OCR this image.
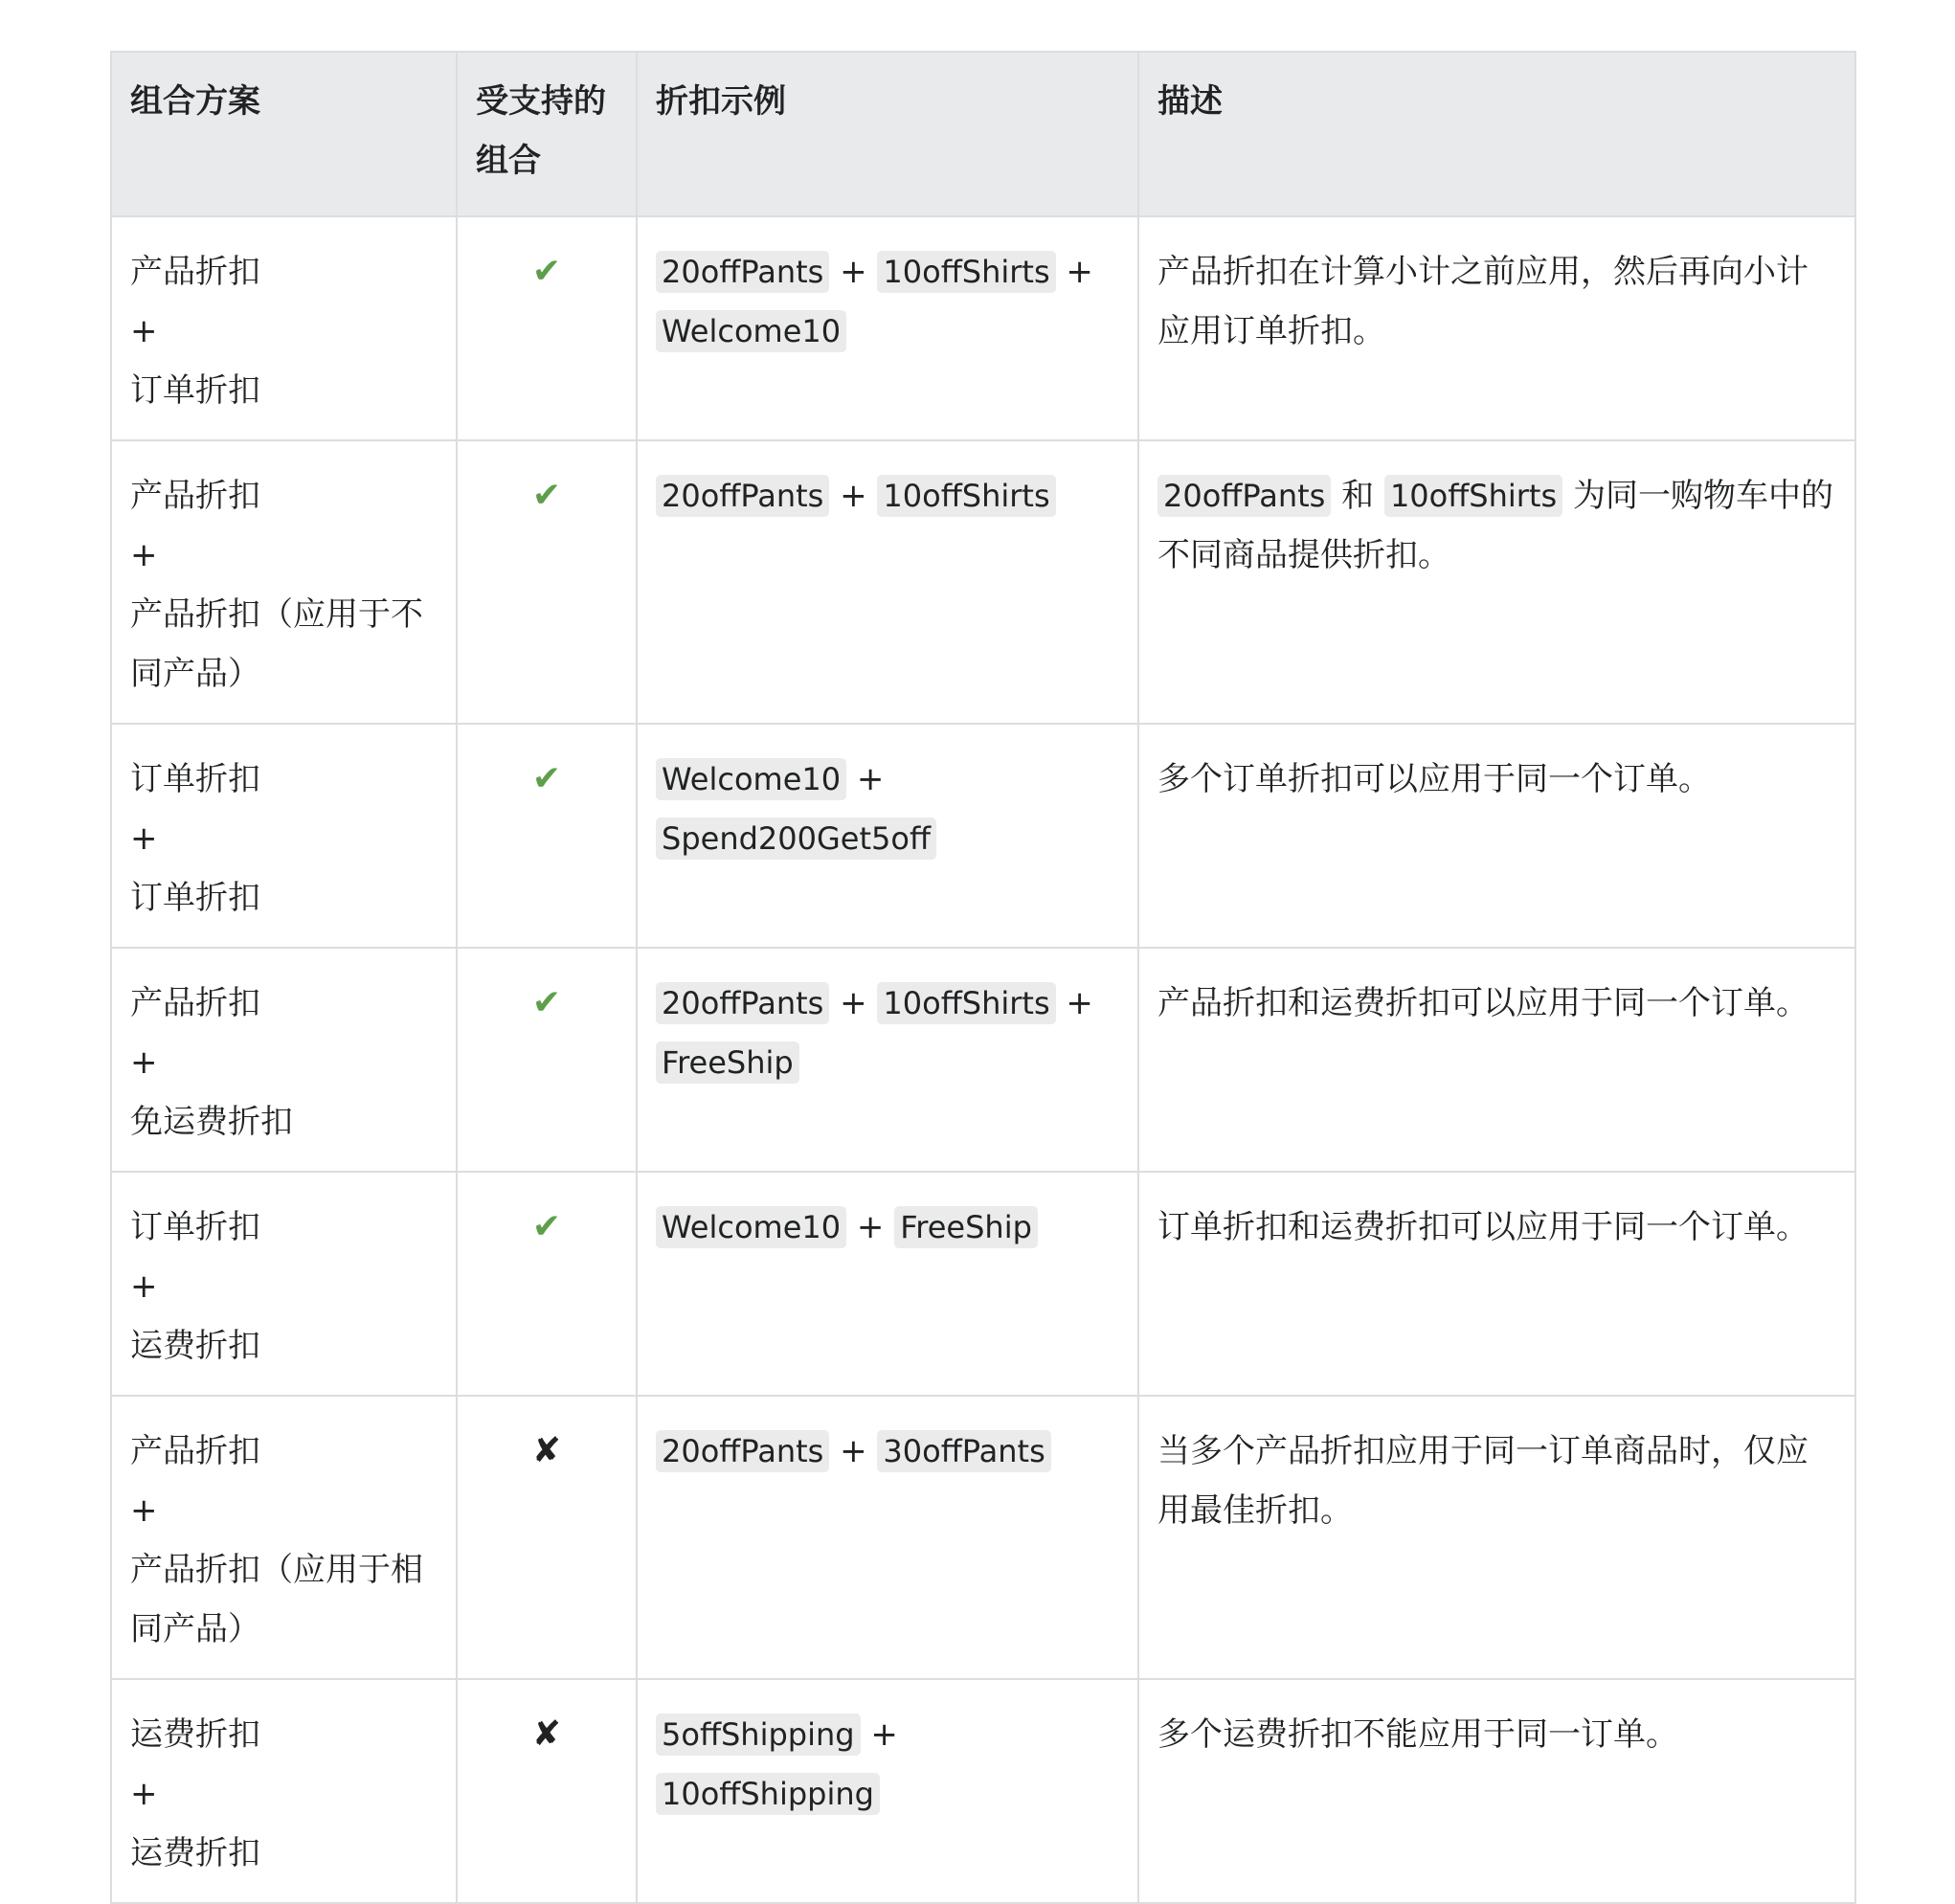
组合方案	受支持的组合	折扣示例	描述

产品折扣
+
订单折扣	✔	20offPants + 10offShirts + Welcome10	产品折扣在计算小计之前应用，然后再向小计应用订单折扣。

产品折扣
+
产品折扣（应用于不同产品）	✔	20offPants + 10offShirts	20offPants 和 10offShirts 为同一购物车中的不同商品提供折扣。

订单折扣
+
订单折扣	✔	Welcome10 + Spend200Get5off	多个订单折扣可以应用于同一个订单。

产品折扣
+
免运费折扣	✔	20offPants + 10offShirts + FreeShip	产品折扣和运费折扣可以应用于同一个订单。

订单折扣
+
运费折扣	✔	Welcome10 + FreeShip	订单折扣和运费折扣可以应用于同一个订单。

产品折扣
+
产品折扣（应用于相同产品）	✘	20offPants + 30offPants	当多个产品折扣应用于同一订单商品时，仅应用最佳折扣。

运费折扣
+
运费折扣	✘	5offShipping + 10offShipping	多个运费折扣不能应用于同一订单。
